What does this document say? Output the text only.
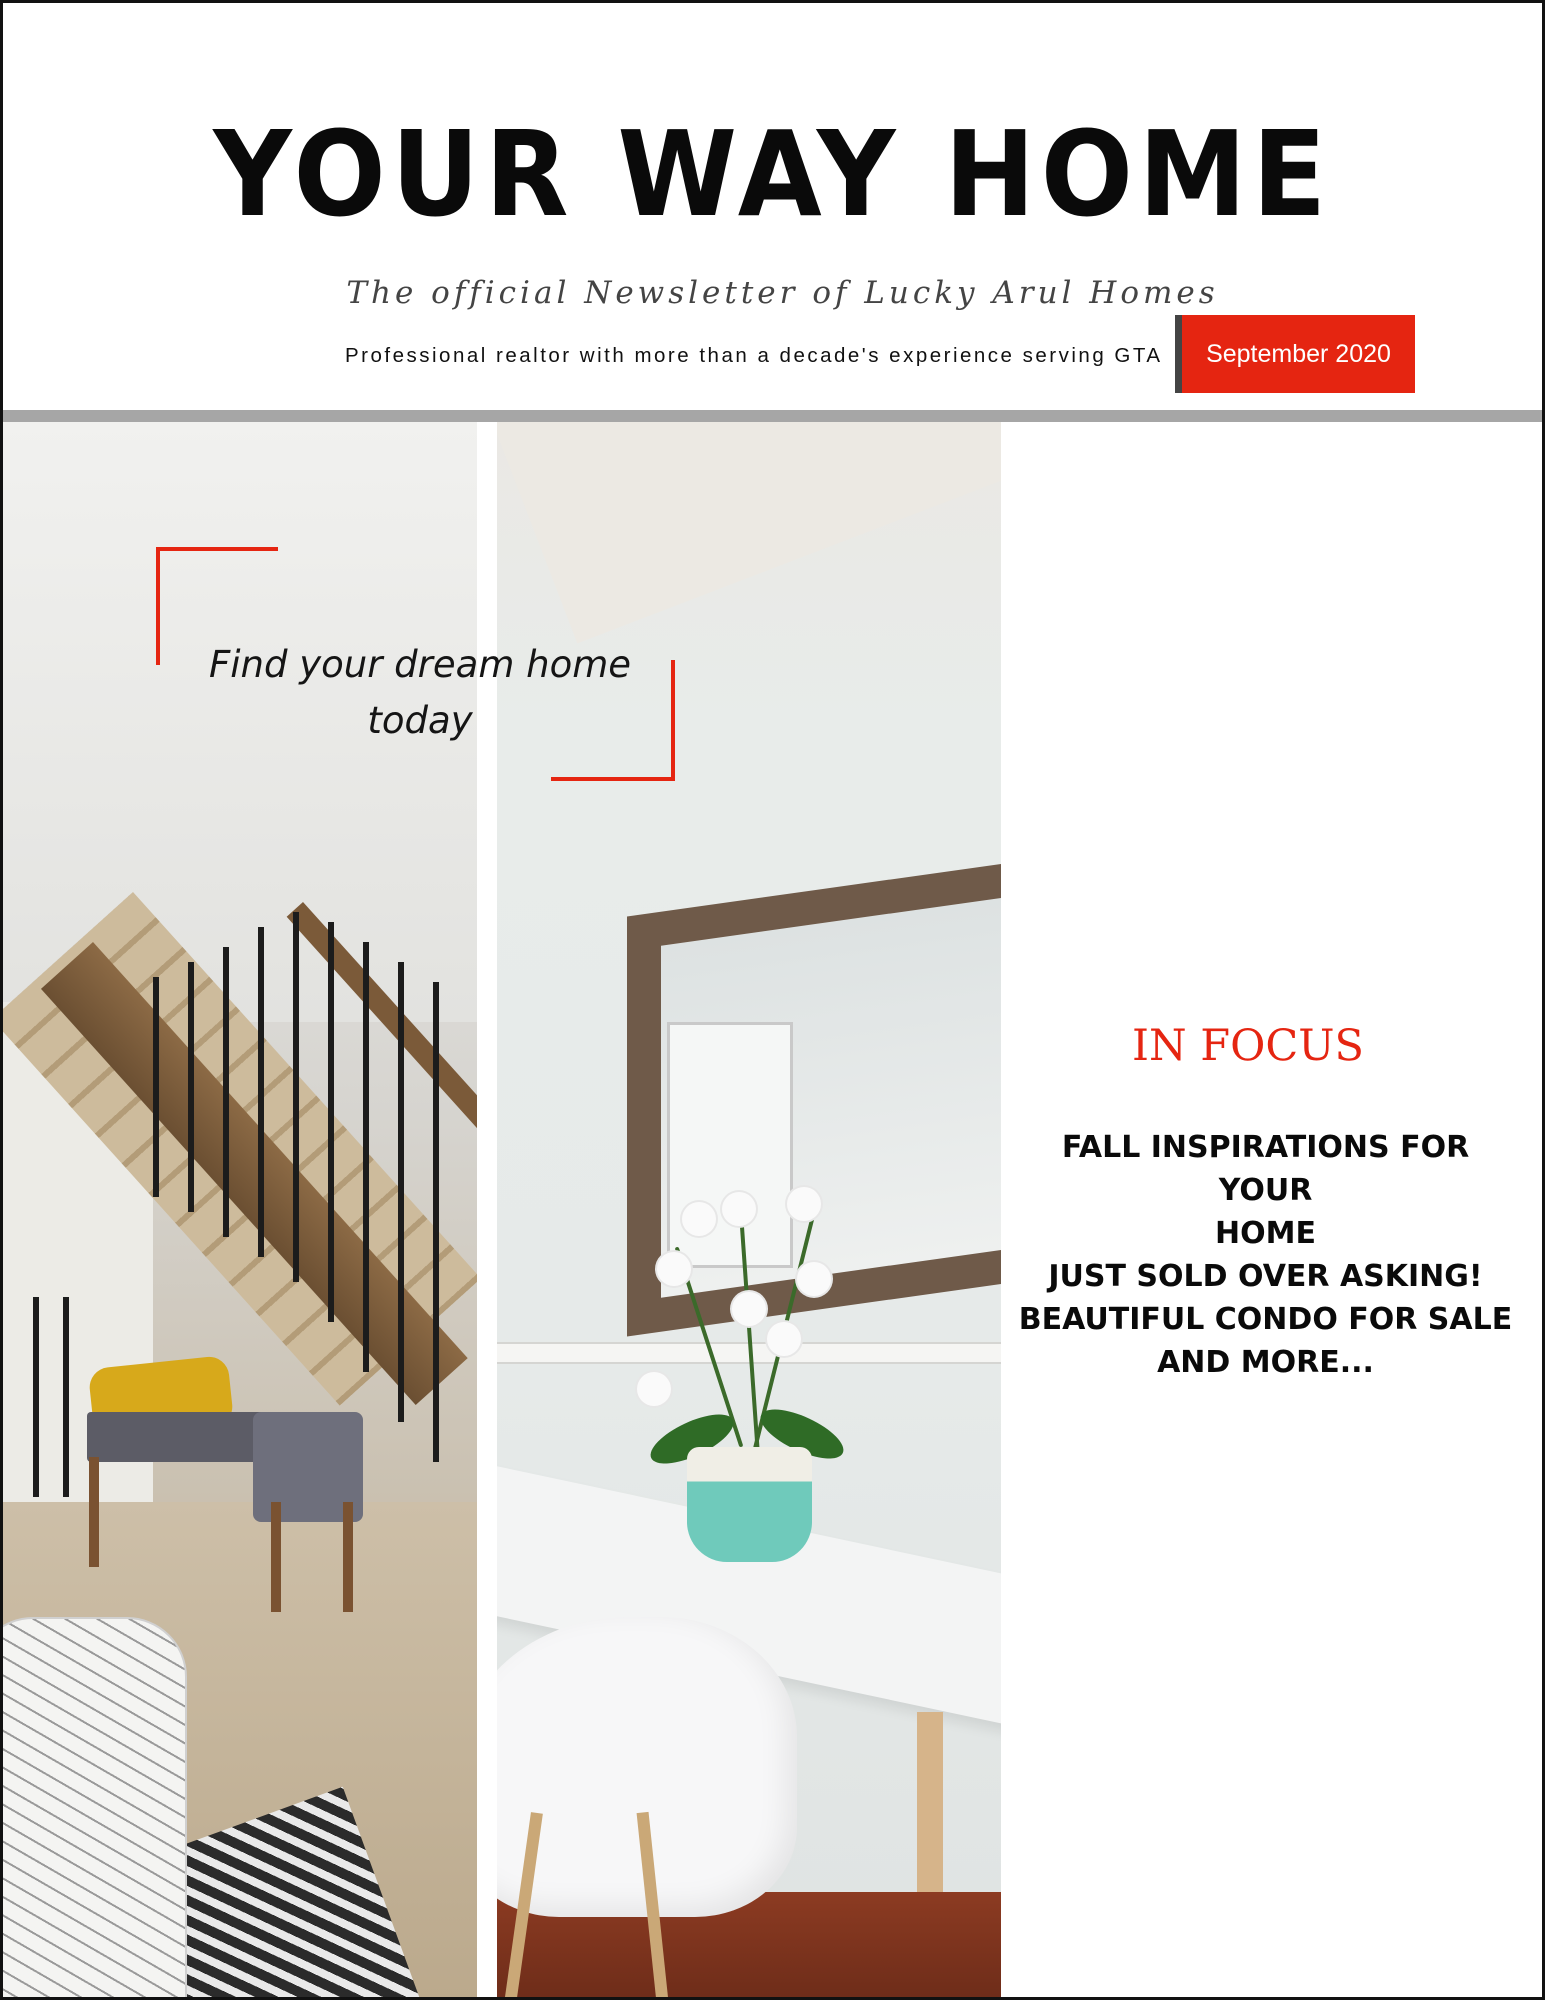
YOUR WAY HOME
The official Newsletter of Lucky Arul Homes
Professional realtor with more than a decade's experience serving GTA September 2020
Find your dream home
today
IN FOCUS
FALL INSPIRATIONS FOR YOUR
HOME
JUST SOLD OVER ASKING!
BEAUTIFUL CONDO FOR SALE
AND MORE...
